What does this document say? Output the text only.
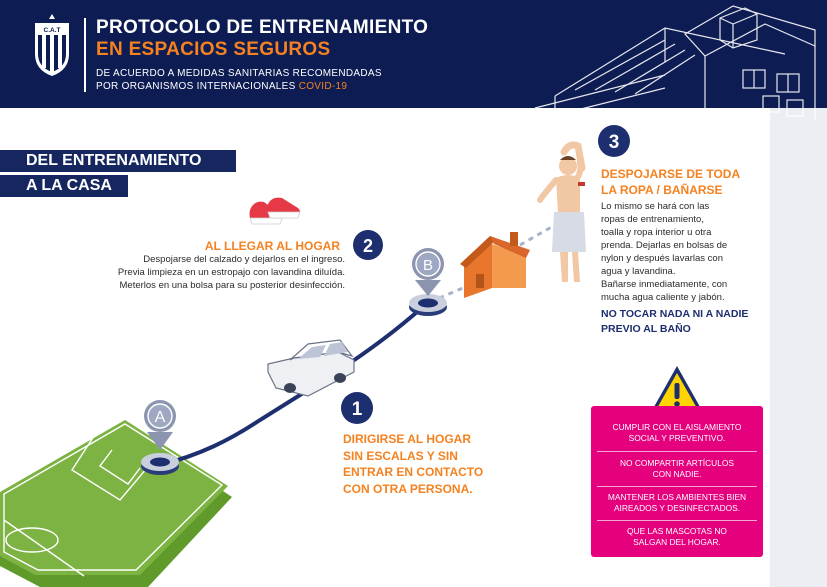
C.A.T PROTOCOLO DE ENTRENAMIENTO
EN ESPACIOS SEGUROS
DE ACUERDO A MEDIDAS SANITARIAS RECOMENDADAS
POR ORGANISMOS INTERNACIONALES COVID-19
A
B
1
2
3
DEL ENTRENAMIENTO
A LA CASA
AL LLEGAR AL HOGAR
Despojarse del calzado y dejarlos en el ingreso.
Previa limpieza en un estropajo con lavandina diluída.
Meterlos en una bolsa para su posterior desinfección.
DIRIGIRSE AL HOGAR
SIN ESCALAS Y SIN
ENTRAR EN CONTACTO
CON OTRA PERSONA.
DESPOJARSE DE TODA
LA ROPA / BAÑARSE
Lo mismo se hará con las
ropas de entrenamiento,
toalla y ropa interior u otra
prenda. Dejarlas en bolsas de
nylon y después lavarlas con
agua y lavandina.
Bañarse inmediatamente, con
mucha agua caliente y jabón.
NO TOCAR NADA NI A NADIE
PREVIO AL BAÑO
CUMPLIR CON EL AISLAMIENTO
SOCIAL Y PREVENTIVO.
NO COMPARTIR ARTÍCULOS
CON NADIE.
MANTENER LOS AMBIENTES BIEN
AIREADOS Y DESINFECTADOS.
QUE LAS MASCOTAS NO
SALGAN DEL HOGAR.
